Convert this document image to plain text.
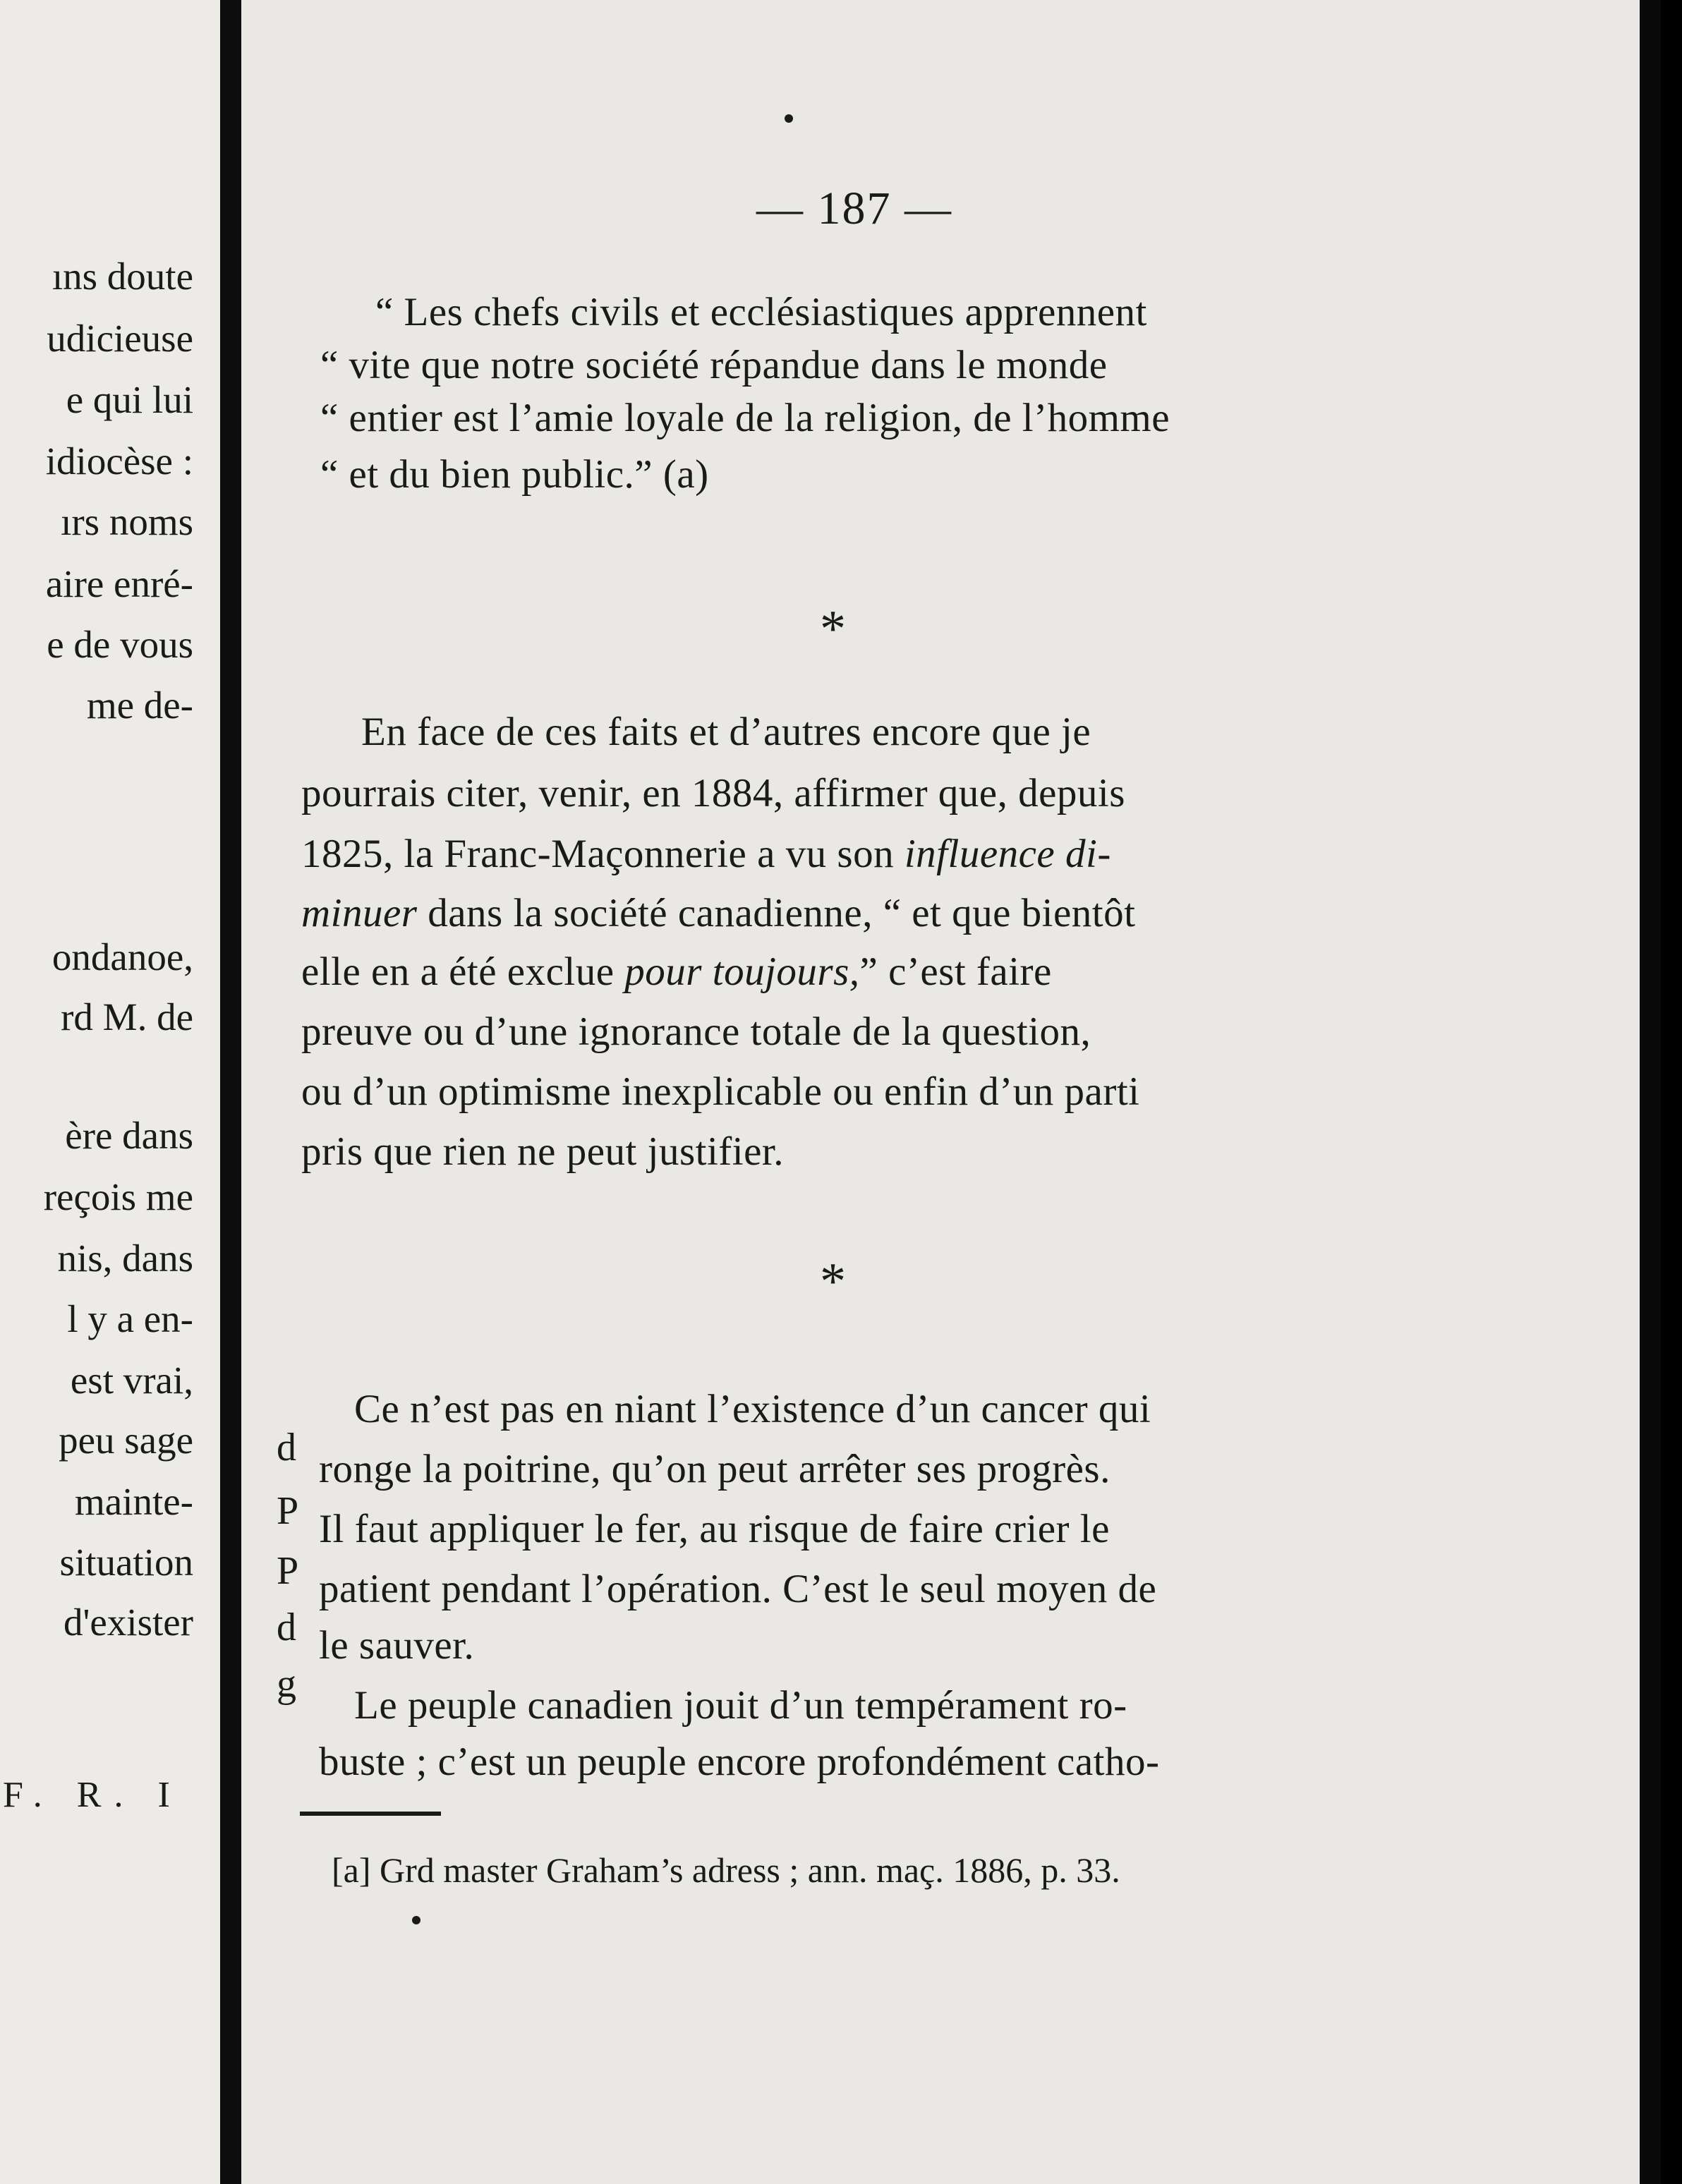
ıns doute
udicieuse
e qui lui
idiocèse :
ırs noms
aire enré-
e de vous
me de-
ondanoe,
rd M. de
ère dans
reçois me
nis, dans
l y a en-
est vrai,
peu sage
mainte-
situation
d'exister
F. R. I
— 187 —
“ Les chefs civils et ecclésiastiques apprennent
“ vite que notre société répandue dans le monde
“ entier est l’amie loyale de la religion, de l’homme
“ et du bien public.” (a)
*
En face de ces faits et d’autres encore que je
pourrais citer, venir, en 1884, affirmer que, depuis
1825, la Franc-Maçonnerie a vu son influence di-
minuer dans la société canadienne, “ et que bientôt
elle en a été exclue pour toujours,” c’est faire
preuve ou d’une ignorance totale de la question,
ou d’un optimisme inexplicable ou enfin d’un parti
pris que rien ne peut justifier.
*
Ce n’est pas en niant l’existence d’un cancer qui
ronge la poitrine, qu’on peut arrêter ses progrès.
Il faut appliquer le fer, au risque de faire crier le
patient pendant l’opération. C’est le seul moyen de
le sauver.
Le peuple canadien jouit d’un tempérament ro-
buste ; c’est un peuple encore profondément catho-
d
P
P
d
g
[a] Grd master Graham’s adress ; ann. maç. 1886, p. 33.
